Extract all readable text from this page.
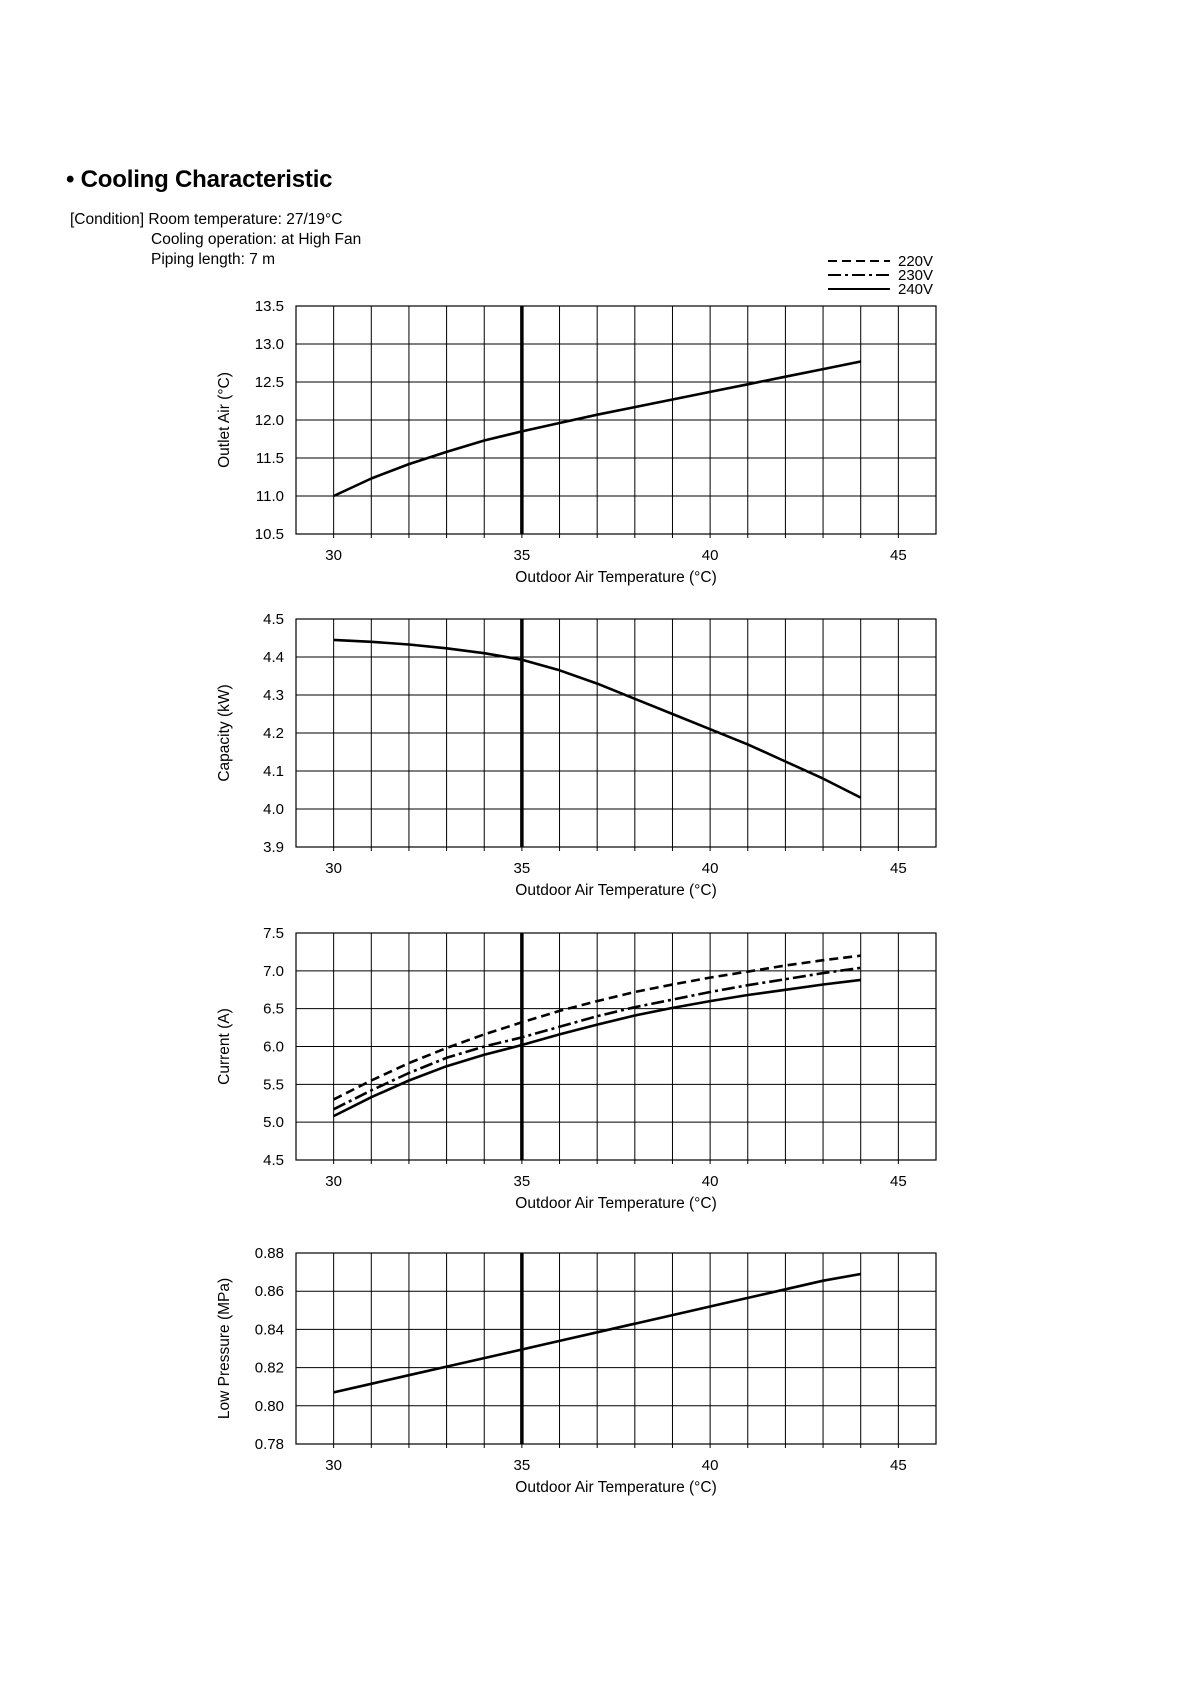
• Cooling Characteristic
[Condition] Room temperature: 27/19°C
Cooling operation: at High Fan
Piping length: 7 m	220V
230V
240V
10.5
11.0
11.5
12.0
12.5
13.0
13.5
30	35	40	45
Outdoor Air Temperature (°C)
Outlet Air (°C)
3.9
4.0
4.1
4.2
4.3
4.4
4.5
30	35	40	45
Outdoor Air Temperature (°C)
Capacity (kW)
4.5
5.0
5.5
6.0
6.5
7.0
7.5
30	35	40	45
Outdoor Air Temperature (°C)
Current (A)
0.78
0.80
0.82
0.84
0.86
0.88
30	35	40	45
Outdoor Air Temperature (°C)
Low Pressure (MPa)
